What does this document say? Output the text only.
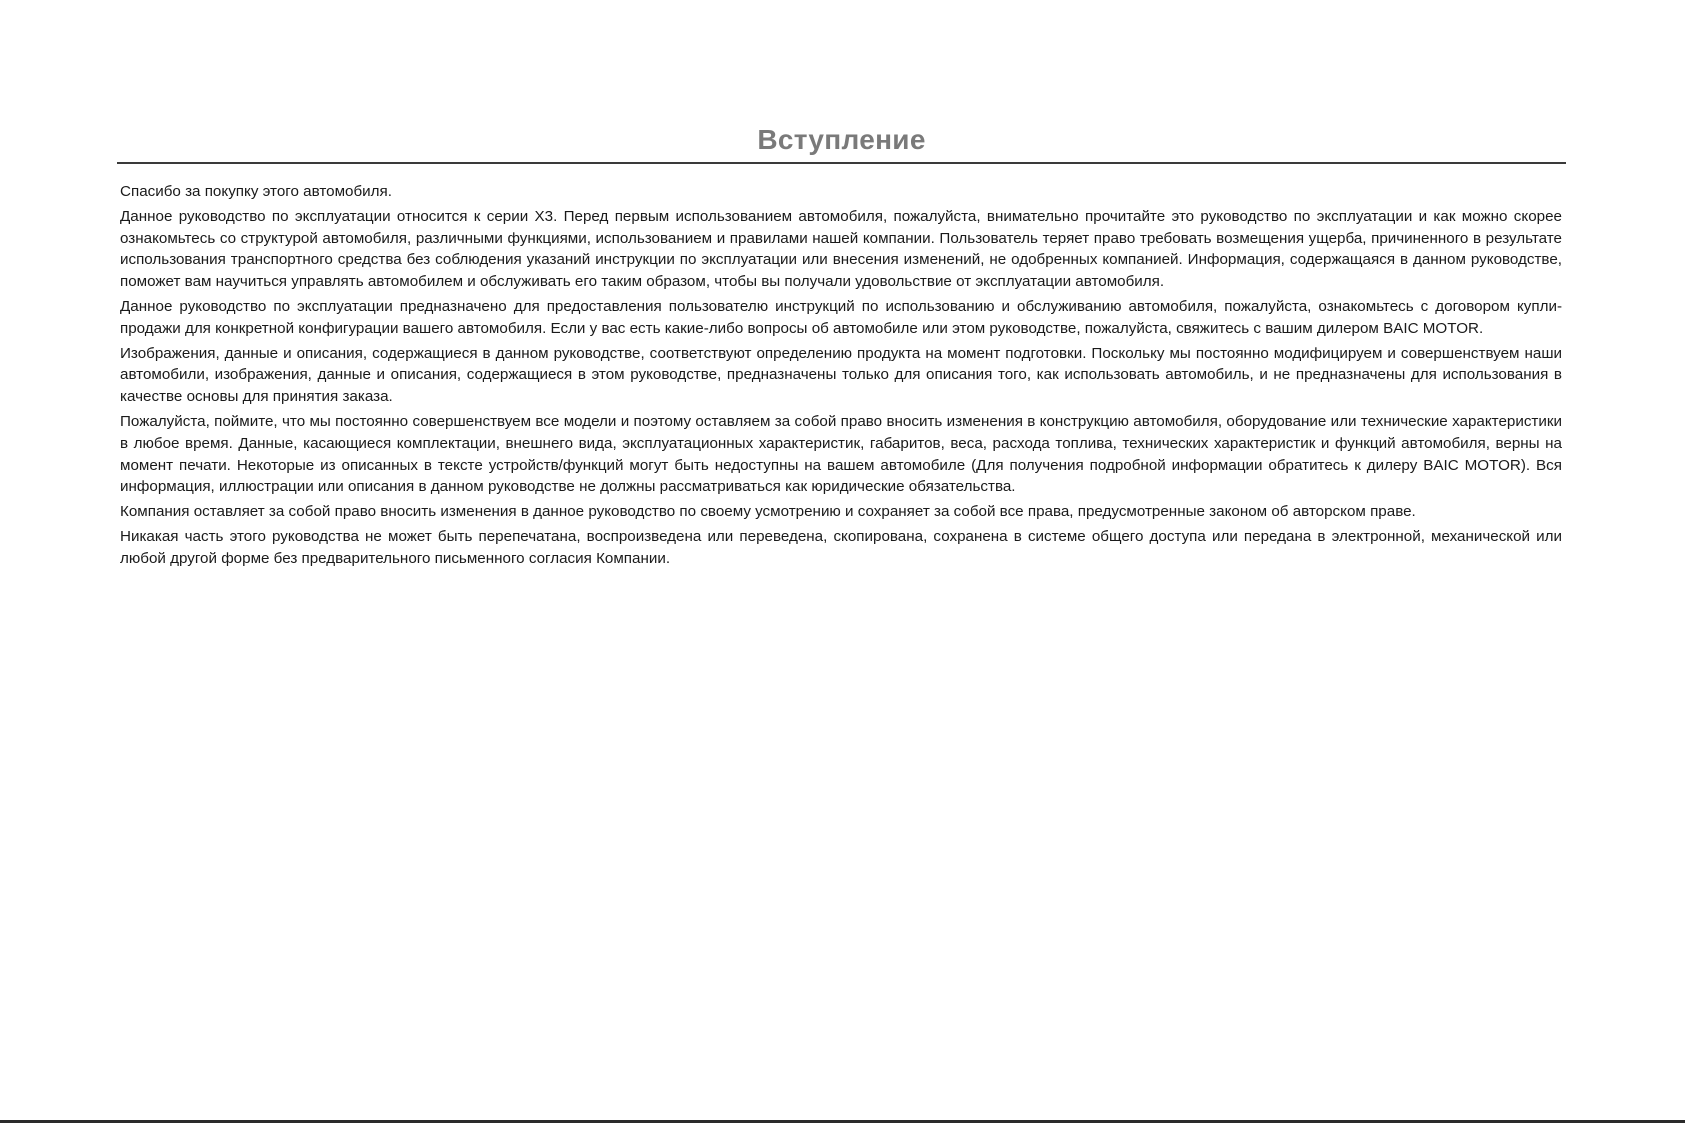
Вступление

Спасибо за покупку этого автомобиля.

Данное руководство по эксплуатации относится к серии X3. Перед первым использованием автомобиля, пожалуйста, внимательно прочитайте это руководство по эксплуатации и как можно скорее ознакомьтесь со структурой автомобиля, различными функциями, использованием и правилами нашей компании. Пользователь теряет право требовать возмещения ущерба, причиненного в результате использования транспортного средства без соблюдения указаний инструкции по эксплуатации или внесения изменений, не одобренных компанией. Информация, содержащаяся в данном руководстве, поможет вам научиться управлять автомобилем и обслуживать его таким образом, чтобы вы получали удовольствие от эксплуатации автомобиля.

Данное руководство по эксплуатации предназначено для предоставления пользователю инструкций по использованию и обслуживанию автомобиля, пожалуйста, ознакомьтесь с договором купли-продажи для конкретной конфигурации вашего автомобиля. Если у вас есть какие-либо вопросы об автомобиле или этом руководстве, пожалуйста, свяжитесь с вашим дилером BAIC MOTOR.

Изображения, данные и описания, содержащиеся в данном руководстве, соответствуют определению продукта на момент подготовки. Поскольку мы постоянно модифицируем и совершенствуем наши автомобили, изображения, данные и описания, содержащиеся в этом руководстве, предназначены только для описания того, как использовать автомобиль, и не предназначены для использования в качестве основы для принятия заказа.

Пожалуйста, поймите, что мы постоянно совершенствуем все модели и поэтому оставляем за собой право вносить изменения в конструкцию автомобиля, оборудование или технические характеристики в любое время. Данные, касающиеся комплектации, внешнего вида, эксплуатационных характеристик, габаритов, веса, расхода топлива, технических характеристик и функций автомобиля, верны на момент печати. Некоторые из описанных в тексте устройств/функций могут быть недоступны на вашем автомобиле (Для получения подробной информации обратитесь к дилеру BAIC MOTOR). Вся информация, иллюстрации или описания в данном руководстве не должны рассматриваться как юридические обязательства.

Компания оставляет за собой право вносить изменения в данное руководство по своему усмотрению и сохраняет за собой все права, предусмотренные законом об авторском праве.

Никакая часть этого руководства не может быть перепечатана, воспроизведена или переведена, скопирована, сохранена в системе общего доступа или передана в электронной, механической или любой другой форме без предварительного письменного согласия Компании.
